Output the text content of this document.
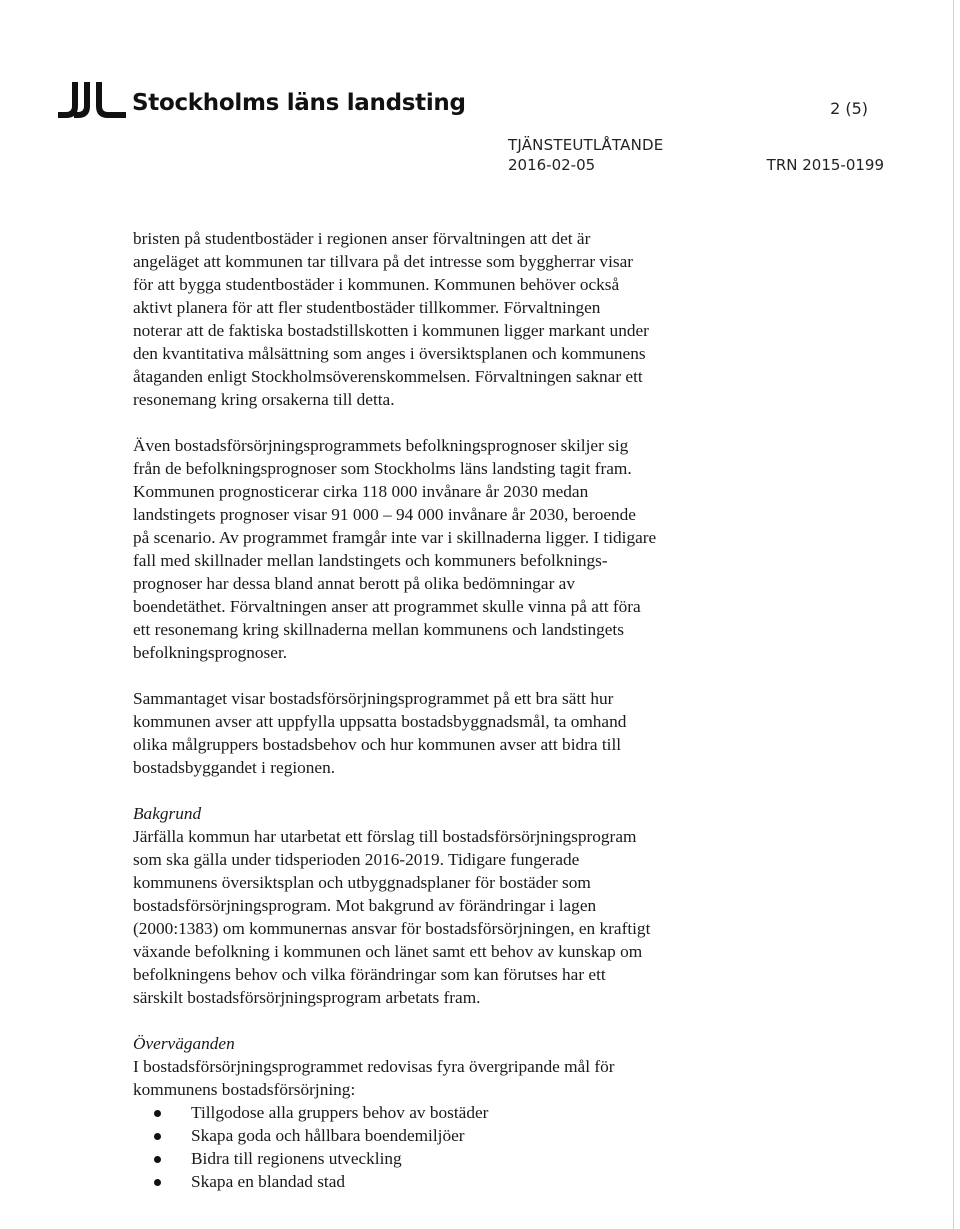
Stockholms läns landsting	2 (5)
TJÄNSTEUTLÅTANDE
2016-02-05	TRN 2015-0199

bristen på studentbostäder i regionen anser förvaltningen att det är
angeläget att kommunen tar tillvara på det intresse som byggherrar visar
för att bygga studentbostäder i kommunen. Kommunen behöver också
aktivt planera för att fler studentbostäder tillkommer. Förvaltningen
noterar att de faktiska bostadstillskotten i kommunen ligger markant under
den kvantitativa målsättning som anges i översiktsplanen och kommunens
åtaganden enligt Stockholmsöverenskommelsen. Förvaltningen saknar ett
resonemang kring orsakerna till detta.

Även bostadsförsörjningsprogrammets befolkningsprognoser skiljer sig
från de befolkningsprognoser som Stockholms läns landsting tagit fram.
Kommunen prognosticerar cirka 118 000 invånare år 2030 medan
landstingets prognoser visar 91 000 – 94 000 invånare år 2030, beroende
på scenario. Av programmet framgår inte var i skillnaderna ligger. I tidigare
fall med skillnader mellan landstingets och kommuners befolknings-
prognoser har dessa bland annat berott på olika bedömningar av
boendetäthet. Förvaltningen anser att programmet skulle vinna på att föra
ett resonemang kring skillnaderna mellan kommunens och landstingets
befolkningsprognoser.

Sammantaget visar bostadsförsörjningsprogrammet på ett bra sätt hur
kommunen avser att uppfylla uppsatta bostadsbyggnadsmål, ta omhand
olika målgruppers bostadsbehov och hur kommunen avser att bidra till
bostadsbyggandet i regionen.

Bakgrund
Järfälla kommun har utarbetat ett förslag till bostadsförsörjningsprogram
som ska gälla under tidsperioden 2016-2019. Tidigare fungerade
kommunens översiktsplan och utbyggnadsplaner för bostäder som
bostadsförsörjningsprogram. Mot bakgrund av förändringar i lagen
(2000:1383) om kommunernas ansvar för bostadsförsörjningen, en kraftigt
växande befolkning i kommunen och länet samt ett behov av kunskap om
befolkningens behov och vilka förändringar som kan förutses har ett
särskilt bostadsförsörjningsprogram arbetats fram.

Överväganden
I bostadsförsörjningsprogrammet redovisas fyra övergripande mål för
kommunens bostadsförsörjning:
Tillgodose alla gruppers behov av bostäder
Skapa goda och hållbara boendemiljöer
Bidra till regionens utveckling
Skapa en blandad stad
